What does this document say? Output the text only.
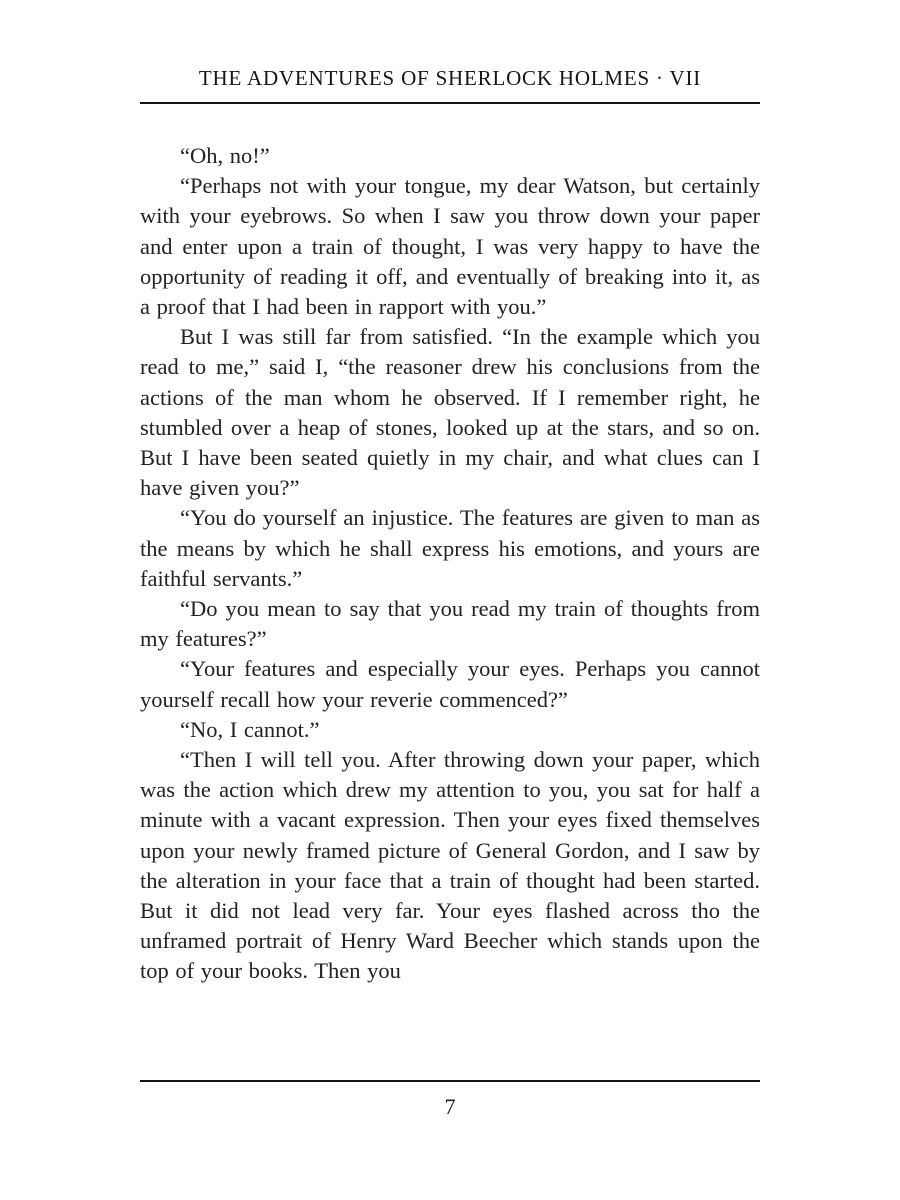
THE ADVENTURES OF SHERLOCK HOLMES · VII

“Oh, no!”

“Perhaps not with your tongue, my dear Watson, but certainly with your eyebrows. So when I saw you throw down your paper and enter upon a train of thought, I was very happy to have the opportunity of reading it off, and eventually of breaking into it, as a proof that I had been in rapport with you.”

But I was still far from satisfied. “In the example which you read to me,” said I, “the reasoner drew his conclusions from the actions of the man whom he observed. If I remember right, he stumbled over a heap of stones, looked up at the stars, and so on. But I have been seated quietly in my chair, and what clues can I have given you?”

“You do yourself an injustice. The features are given to man as the means by which he shall express his emotions, and yours are faithful servants.”

“Do you mean to say that you read my train of thoughts from my features?”

“Your features and especially your eyes. Perhaps you cannot yourself recall how your reverie commenced?”

“No, I cannot.”

“Then I will tell you. After throwing down your paper, which was the action which drew my attention to you, you sat for half a minute with a vacant expression. Then your eyes fixed themselves upon your newly framed picture of General Gordon, and I saw by the alteration in your face that a train of thought had been started. But it did not lead very far. Your eyes flashed across tho the unframed portrait of Henry Ward Beecher which stands upon the top of your books. Then you

7
